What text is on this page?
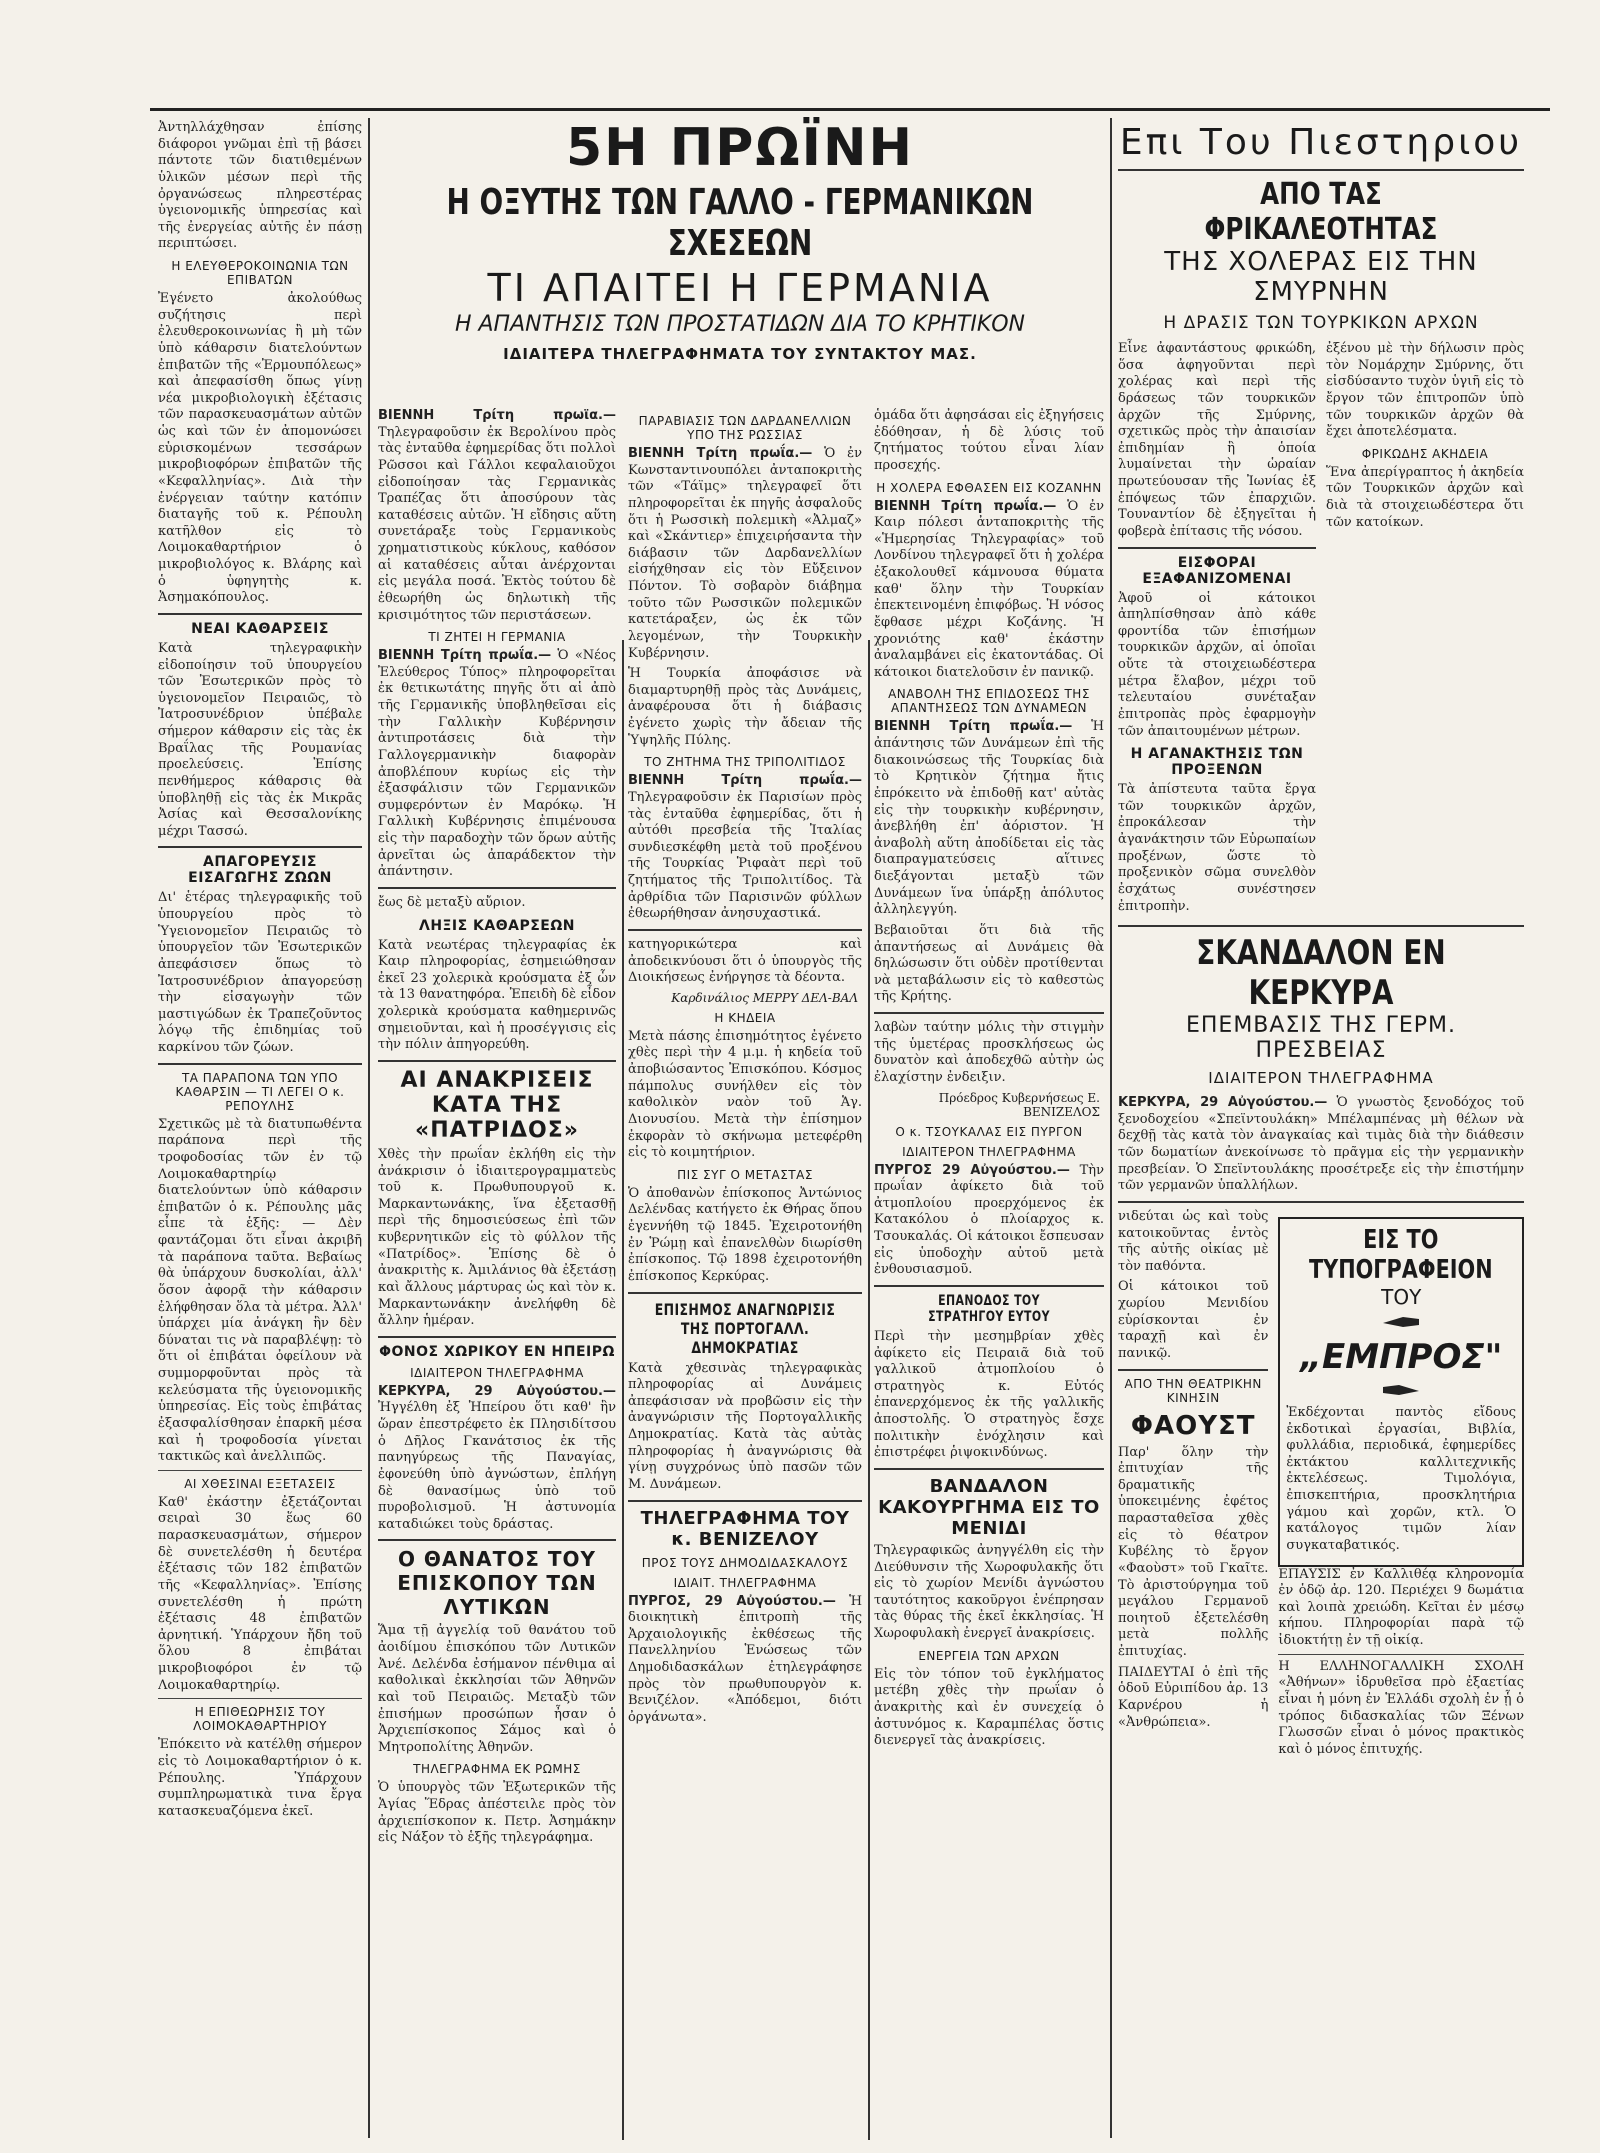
Ἀντηλλάχθησαν ἐπίσης διάφοροι γνῶμαι ἐπὶ τῇ βάσει πάντοτε τῶν διατιθεμένων ὑλικῶν μέσων περὶ τῆς ὀργανώσεως πληρεστέρας ὑγειονομικῆς ὑπηρεσίας καὶ τῆς ἐνεργείας αὐτῆς ἐν πάσῃ περιπτώσει.

Η ΕΛΕΥΘΕΡΟΚΟΙΝΩΝΙΑ ΤΩΝ ΕΠΙΒΑΤΩΝ

Ἐγένετο ἀκολούθως συζήτησις περὶ ἐλευθεροκοινωνίας ἢ μὴ τῶν ὑπὸ κάθαρσιν διατελούντων ἐπιβατῶν τῆς «Ἐρμουπόλεως» καὶ ἀπεφασίσθη ὅπως γίνῃ νέα μικροβιολογικὴ ἐξέτασις τῶν παρασκευασμάτων αὐτῶν ὡς καὶ τῶν ἐν ἀπομονώσει εὑρισκομένων τεσσάρων μικροβιοφόρων ἐπιβατῶν τῆς «Κεφαλληνίας». Διὰ τὴν ἐνέργειαν ταύτην κατόπιν διαταγῆς τοῦ κ. Ρέπουλη κατῆλθον εἰς τὸ Λοιμοκαθαρτήριον ὁ μικροβιολόγος κ. Βλάρης καὶ ὁ ὑφηγητὴς κ. Ἀσημακόπουλος.

ΝΕΑΙ ΚΑΘΑΡΣΕΙΣ

Κατὰ τηλεγραφικὴν εἰδοποίησιν τοῦ ὑπουργείου τῶν Ἐσωτερικῶν πρὸς τὸ ὑγειονομεῖον Πειραιῶς, τὸ Ἰατροσυνέδριον ὑπέβαλε σήμερον κάθαρσιν εἰς τὰς ἐκ Βραΐλας τῆς Ρουμανίας προελεύσεις. Ἐπίσης πενθήμερος κάθαρσις θὰ ὑποβληθῇ εἰς τὰς ἐκ Μικρᾶς Ἀσίας καὶ Θεσσαλονίκης μέχρι Τασσώ.

ΑΠΑΓΟΡΕΥΣΙΣ ΕΙΣΑΓΩΓΗΣ ΖΩΩΝ

Δι' ἑτέρας τηλεγραφικῆς τοῦ ὑπουργείου πρὸς τὸ Ὑγειονομεῖον Πειραιῶς τὸ ὑπουργεῖον τῶν Ἐσωτερικῶν ἀπεφάσισεν ὅπως τὸ Ἰατροσυνέδριον ἀπαγορεύσῃ τὴν εἰσαγωγὴν τῶν μαστιγώδων ἐκ Τραπεζοῦντος λόγῳ τῆς ἐπιδημίας τοῦ καρκίνου τῶν ζώων.

ΤΑ ΠΑΡΑΠΟΝΑ ΤΩΝ ΥΠΟ ΚΑΘΑΡΣΙΝ — ΤΙ ΛΕΓΕΙ Ο κ. ΡΕΠΟΥΛΗΣ

Σχετικῶς μὲ τὰ διατυπωθέντα παράπονα περὶ τῆς τροφοδοσίας τῶν ἐν τῷ Λοιμοκαθαρτηρίῳ διατελούντων ὑπὸ κάθαρσιν ἐπιβατῶν ὁ κ. Ρέπουλης μᾶς εἶπε τὰ ἑξῆς: — Δὲν φαντάζομαι ὅτι εἶναι ἀκριβῆ τὰ παράπονα ταῦτα. Βεβαίως θὰ ὑπάρχουν δυσκολίαι, ἀλλ' ὅσον ἀφορᾷ τὴν κάθαρσιν ἐλήφθησαν ὅλα τὰ μέτρα. Ἀλλ' ὑπάρχει μία ἀνάγκη ἣν δὲν δύναται τις νὰ παραβλέψῃ: τὸ ὅτι οἱ ἐπιβάται ὀφείλουν νὰ συμμορφοῦνται πρὸς τὰ κελεύσματα τῆς ὑγειονομικῆς ὑπηρεσίας. Εἰς τοὺς ἐπιβάτας ἐξασφαλίσθησαν ἐπαρκῆ μέσα καὶ ἡ τροφοδοσία γίνεται τακτικῶς καὶ ἀνελλιπῶς.

ΑΙ ΧΘΕΣΙΝΑΙ ΕΞΕΤΑΣΕΙΣ

Καθ' ἐκάστην ἐξετάζονται σειραὶ 30 ἕως 60 παρασκευασμάτων, σήμερον δὲ συνετελέσθη ἡ δευτέρα ἐξέτασις τῶν 182 ἐπιβατῶν τῆς «Κεφαλληνίας». Ἐπίσης συνετελέσθη ἡ πρώτη ἐξέτασις 48 ἐπιβατῶν ἀρνητική. Ὑπάρχουν ἤδη τοῦ ὅλου 8 ἐπιβάται μικροβιοφόροι ἐν τῷ Λοιμοκαθαρτηρίῳ.

Η ΕΠΙΘΕΩΡΗΣΙΣ ΤΟΥ ΛΟΙΜΟΚΑΘΑΡΤΗΡΙΟΥ

Ἐπόκειτο νὰ κατέλθῃ σήμερον εἰς τὸ Λοιμοκαθαρτήριον ὁ κ. Ρέπουλης. Ὑπάρχουν συμπληρωματικὰ τινα ἔργα κατασκευαζόμενα ἐκεῖ.

5Η ΠΡΩΪΝΗ
Η ΟΞΥΤΗΣ ΤΩΝ ΓΑΛΛΟ - ΓΕΡΜΑΝΙΚΩΝ ΣΧΕΣΕΩΝ
ΤΙ ΑΠΑΙΤΕΙ Η ΓΕΡΜΑΝΙΑ
Η ΑΠΑΝΤΗΣΙΣ ΤΩΝ ΠΡΟΣΤΑΤΙΔΩΝ ΔΙΑ ΤΟ ΚΡΗΤΙΚΟΝ
ΙΔΙΑΙΤΕΡΑ ΤΗΛΕΓΡΑΦΗΜΑΤΑ ΤΟΥ ΣΥΝΤΑΚΤΟΥ ΜΑΣ.

ΒΙΕΝΝΗ Τρίτη πρωΐα.— Τηλεγραφοῦσιν ἐκ Βερολίνου πρὸς τὰς ἐνταῦθα ἐφημερίδας ὅτι πολλοὶ Ρῶσσοι καὶ Γάλλοι κεφαλαιοῦχοι εἰδοποίησαν τὰς Γερμανικὰς Τραπέζας ὅτι ἀποσύρουν τὰς καταθέσεις αὐτῶν. Ἡ εἴδησις αὕτη συνετάραξε τοὺς Γερμανικοὺς χρηματιστικοὺς κύκλους, καθόσον αἱ καταθέσεις αὗται ἀνέρχονται εἰς μεγάλα ποσά. Ἐκτὸς τούτου δὲ ἐθεωρήθη ὡς δηλωτικὴ τῆς κρισιμότητος τῶν περιστάσεων.

ΤΙ ΖΗΤΕΙ Η ΓΕΡΜΑΝΙΑ

ΒΙΕΝΝΗ Τρίτη πρωΐα.— Ὁ «Νέος Ἐλεύθερος Τύπος» πληροφορεῖται ἐκ θετικωτάτης πηγῆς ὅτι αἱ ἀπὸ τῆς Γερμανικῆς ὑποβληθεῖσαι εἰς τὴν Γαλλικὴν Κυβέρνησιν ἀντιπροτάσεις διὰ τὴν Γαλλογερμανικὴν διαφορὰν ἀποβλέπουν κυρίως εἰς τὴν ἐξασφάλισιν τῶν Γερμανικῶν συμφερόντων ἐν Μαρόκῳ. Ἡ Γαλλικὴ Κυβέρνησις ἐπιμένουσα εἰς τὴν παραδοχὴν τῶν ὅρων αὐτῆς ἀρνεῖται ὡς ἀπαράδεκτον τὴν ἀπάντησιν.

ἔως δὲ μεταξὺ αὔριον.

ΛΗΞΙΣ ΚΑΘΑΡΣΕΩΝ

Κατὰ νεωτέρας τηλεγραφίας ἐκ Καιρ πληροφορίας, ἐσημειώθησαν ἐκεῖ 23 χολερικὰ κρούσματα ἐξ ὧν τὰ 13 θανατηφόρα. Ἐπειδὴ δὲ εἶδον χολερικὰ κρούσματα καθημερινῶς σημειοῦνται, καὶ ἡ προσέγγισις εἰς τὴν πόλιν ἀπηγορεύθη.

ΑΙ ΑΝΑΚΡΙΣΕΙΣ ΚΑΤΑ ΤΗΣ «ΠΑΤΡΙΔΟΣ»

Χθὲς τὴν πρωΐαν ἐκλήθη εἰς τὴν ἀνάκρισιν ὁ ἰδιαιτερογραμματεὺς τοῦ κ. Πρωθυπουργοῦ κ. Μαρκαντωνάκης, ἵνα ἐξετασθῇ περὶ τῆς δημοσιεύσεως ἐπὶ τῶν κυβερνητικῶν εἰς τὸ φύλλον τῆς «Πατρίδος». Ἐπίσης δὲ ὁ ἀνακριτὴς κ. Ἀμιλάνιος θὰ ἐξετάσῃ καὶ ἄλλους μάρτυρας ὡς καὶ τὸν κ. Μαρκαντωνάκην ἀνελήφθη δὲ ἄλλην ἡμέραν.

ΦΟΝΟΣ ΧΩΡΙΚΟΥ ΕΝ ΗΠΕΙΡΩ
ΙΔΙΑΙΤΕΡΟΝ ΤΗΛΕΓΡΑΦΗΜΑ

ΚΕΡΚΥΡΑ, 29 Αὐγούστου.— Ἠγγέλθη ἐξ Ἠπείρου ὅτι καθ' ἣν ὥραν ἐπεστρέφετο ἐκ Πλησιδίτσου ὁ Δῆλος Γκανάτσιος ἐκ τῆς πανηγύρεως τῆς Παναγίας, ἐφονεύθη ὑπὸ ἀγνώστων, ἐπλήγη δὲ θανασίμως ὑπὸ τοῦ πυροβολισμοῦ. Ἡ ἀστυνομία καταδιώκει τοὺς δράστας.

Ο ΘΑΝΑΤΟΣ ΤΟΥ ΕΠΙΣΚΟΠΟΥ ΤΩΝ ΛΥΤΙΚΩΝ

Ἅμα τῇ ἀγγελίᾳ τοῦ θανάτου τοῦ ἀοιδίμου ἐπισκόπου τῶν Λυτικῶν Ἀνέ. Δελένδα ἐσήμανον πένθιμα αἱ καθολικαὶ ἐκκλησίαι τῶν Ἀθηνῶν καὶ τοῦ Πειραιῶς. Μεταξὺ τῶν ἐπισήμων προσώπων ἦσαν ὁ Ἀρχιεπίσκοπος Σάμος καὶ ὁ Μητροπολίτης Ἀθηνῶν.

ΤΗΛΕΓΡΑΦΗΜΑ ΕΚ ΡΩΜΗΣ

Ὁ ὑπουργὸς τῶν Ἐξωτερικῶν τῆς Ἁγίας Ἕδρας ἀπέστειλε πρὸς τὸν ἀρχιεπίσκοπον κ. Πετρ. Ἀσημάκην εἰς Νάξον τὸ ἑξῆς τηλεγράφημα.

ΠΑΡΑΒΙΑΣΙΣ ΤΩΝ ΔΑΡΔΑΝΕΛΛΙΩΝ ΥΠΟ ΤΗΣ ΡΩΣΣΙΑΣ

ΒΙΕΝΝΗ Τρίτη πρωΐα.— Ὁ ἐν Κωνσταντινουπόλει ἀνταποκριτὴς τῶν «Τάϊμς» τηλεγραφεῖ ὅτι πληροφορεῖται ἐκ πηγῆς ἀσφαλοῦς ὅτι ἡ Ρωσσικὴ πολεμικὴ «Ἀλμαζ» καὶ «Σκάντιερ» ἐπιχειρήσαντα τὴν διάβασιν τῶν Δαρδανελλίων εἰσήχθησαν εἰς τὸν Εὔξεινον Πόντον. Τὸ σοβαρὸν διάβημα τοῦτο τῶν Ρωσσικῶν πολεμικῶν κατετάραξεν, ὡς ἐκ τῶν λεγομένων, τὴν Τουρκικὴν Κυβέρνησιν.

Ἡ Τουρκία ἀποφάσισε νὰ διαμαρτυρηθῇ πρὸς τὰς Δυνάμεις, ἀναφέρουσα ὅτι ἡ διάβασις ἐγένετο χωρὶς τὴν ἄδειαν τῆς Ὑψηλῆς Πύλης.

ΤΟ ΖΗΤΗΜΑ ΤΗΣ ΤΡΙΠΟΛΙΤΙΔΟΣ

ΒΙΕΝΝΗ Τρίτη πρωΐα.— Τηλεγραφοῦσιν ἐκ Παρισίων πρὸς τὰς ἐνταῦθα ἐφημερίδας, ὅτι ἡ αὐτόθι πρεσβεία τῆς Ἰταλίας συνδιεσκέφθη μετὰ τοῦ προξένου τῆς Τουρκίας Ῥιφαὰτ περὶ τοῦ ζητήματος τῆς Τριπολιτίδος. Τὰ ἀρθρίδια τῶν Παρισινῶν φύλλων ἐθεωρήθησαν ἀνησυχαστικά.

κατηγορικώτερα καὶ ἀποδεικνύουσι ὅτι ὁ ὑπουργὸς τῆς Διοικήσεως ἐνήργησε τὰ δέοντα.

Καρδινάλιος ΜΕΡΡΥ ΔΕΛ-ΒΑΛ
Η ΚΗΔΕΙΑ

Μετὰ πάσης ἐπισημότητος ἐγένετο χθὲς περὶ τὴν 4 μ.μ. ἡ κηδεία τοῦ ἀποβιώσαντος Ἐπισκόπου. Κόσμος πάμπολυς συνήλθεν εἰς τὸν καθολικὸν ναὸν τοῦ Ἁγ. Διονυσίου. Μετὰ τὴν ἐπίσημον ἐκφορὰν τὸ σκήνωμα μετεφέρθη εἰς τὸ κοιμητήριον.

ΠΙΣ ΣΥΓ Ο ΜΕΤΑΣΤΑΣ

Ὁ ἀποθανὼν ἐπίσκοπος Ἀντώνιος Δελένδας κατήγετο ἐκ Θήρας ὅπου ἐγεννήθη τῷ 1845. Ἐχειροτονήθη ἐν Ῥώμῃ καὶ ἐπανελθὼν διωρίσθη ἐπίσκοπος. Τῷ 1898 ἐχειροτονήθη ἐπίσκοπος Κερκύρας.

ΕΠΙΣΗΜΟΣ ΑΝΑΓΝΩΡΙΣΙΣ ΤΗΣ ΠΟΡΤΟΓΑΛΛ. ΔΗΜΟΚΡΑΤΙΑΣ

Κατὰ χθεσινὰς τηλεγραφικὰς πληροφορίας αἱ Δυνάμεις ἀπεφάσισαν νὰ προβῶσιν εἰς τὴν ἀναγνώρισιν τῆς Πορτογαλλικῆς Δημοκρατίας. Κατὰ τὰς αὐτὰς πληροφορίας ἡ ἀναγνώρισις θὰ γίνῃ συγχρόνως ὑπὸ πασῶν τῶν Μ. Δυνάμεων.

ΤΗΛΕΓΡΑΦΗΜΑ ΤΟΥ κ. ΒΕΝΙΖΕΛΟΥ
ΠΡΟΣ ΤΟΥΣ ΔΗΜΟΔΙΔΑΣΚΑΛΟΥΣ
ΙΔΙΑΙΤ. ΤΗΛΕΓΡΑΦΗΜΑ

ΠΥΡΓΟΣ, 29 Αὐγούστου.— Ἡ διοικητικὴ ἐπιτροπὴ τῆς Ἀρχαιολογικῆς ἐκθέσεως τῆς Πανελληνίου Ἑνώσεως τῶν Δημοδιδασκάλων ἐτηλεγράφησε πρὸς τὸν πρωθυπουργὸν κ. Βενιζέλον. «Ἀπόδεμοι, διότι ὀργάνωτα».

ὁμάδα ὅτι ἀφησάσαι εἰς ἐξηγήσεις ἐδόθησαν, ἡ δὲ λύσις τοῦ ζητήματος τούτου εἶναι λίαν προσεχής.

Η ΧΟΛΕΡΑ ΕΦΘΑΣΕΝ ΕΙΣ ΚΟΖΑΝΗΝ

ΒΙΕΝΝΗ Τρίτη πρωΐα.— Ὁ ἐν Καιρ πόλεσι ἀνταποκριτὴς τῆς «Ἡμερησίας Τηλεγραφίας» τοῦ Λονδίνου τηλεγραφεῖ ὅτι ἡ χολέρα ἐξακολουθεῖ κάμνουσα θύματα καθ' ὅλην τὴν Τουρκίαν ἐπεκτεινομένη ἐπιφόβως. Ἡ νόσος ἔφθασε μέχρι Κοζάνης. Ἡ χρονιότης καθ' ἑκάστην ἀναλαμβάνει εἰς ἑκατοντάδας. Οἱ κάτοικοι διατελοῦσιν ἐν πανικῷ.

ΑΝΑΒΟΛΗ ΤΗΣ ΕΠΙΔΟΣΕΩΣ ΤΗΣ ΑΠΑΝΤΗΣΕΩΣ ΤΩΝ ΔΥΝΑΜΕΩΝ

ΒΙΕΝΝΗ Τρίτη πρωΐα.— Ἡ ἀπάντησις τῶν Δυνάμεων ἐπὶ τῆς διακοινώσεως τῆς Τουρκίας διὰ τὸ Κρητικὸν ζήτημα ἤτις ἐπρόκειτο νὰ ἐπιδοθῇ κατ' αὐτὰς εἰς τὴν τουρκικὴν κυβέρνησιν, ἀνεβλήθη ἐπ' ἀόριστον. Ἡ ἀναβολὴ αὕτη ἀποδίδεται εἰς τὰς διαπραγματεύσεις αἵτινες διεξάγονται μεταξὺ τῶν Δυνάμεων ἵνα ὑπάρξῃ ἀπόλυτος ἀλληλεγγύη.

Βεβαιοῦται ὅτι διὰ τῆς ἀπαντήσεως αἱ Δυνάμεις θὰ δηλώσωσιν ὅτι οὐδὲν προτίθενται νὰ μεταβάλωσιν εἰς τὸ καθεστὼς τῆς Κρήτης.

λαβὼν ταύτην μόλις τὴν στιγμὴν τῆς ὑμετέρας προσκλήσεως ὡς δυνατὸν καὶ ἀποδεχθῶ αὐτὴν ὡς ἐλαχίστην ἐνδειξιν.

Πρόεδρος Κυβερνήσεως Ε. ΒΕΝΙΖΕΛΟΣ
Ο κ. ΤΣΟΥΚΑΛΑΣ ΕΙΣ ΠΥΡΓΟΝ
ΙΔΙΑΙΤΕΡΟΝ ΤΗΛΕΓΡΑΦΗΜΑ

ΠΥΡΓΟΣ 29 Αὐγούστου.— Τὴν πρωΐαν ἀφίκετο διὰ τοῦ ἀτμοπλοίου προερχόμενος ἐκ Κατακόλου ὁ πλοίαρχος κ. Τσουκαλάς. Οἱ κάτοικοι ἔσπευσαν εἰς ὑποδοχὴν αὐτοῦ μετὰ ἐνθουσιασμοῦ.

ΕΠΑΝΟΔΟΣ ΤΟΥ ΣΤΡΑΤΗΓΟΥ ΕΥΤΟΥ

Περὶ τὴν μεσημβρίαν χθὲς ἀφίκετο εἰς Πειραιᾶ διὰ τοῦ γαλλικοῦ ἀτμοπλοίου ὁ στρατηγὸς κ. Εὐτός ἐπανερχόμενος ἐκ τῆς γαλλικῆς ἀποστολῆς. Ὁ στρατηγὸς ἔσχε πολιτικὴν ἐνόχλησιν καὶ ἐπιστρέφει ῥιψοκινδύνως.

ΒΑΝΔΑΛΟΝ ΚΑΚΟΥΡΓΗΜΑ ΕΙΣ ΤΟ ΜΕΝΙΔΙ

Τηλεγραφικῶς ἀνηγγέλθη εἰς τὴν Διεύθυνσιν τῆς Χωροφυλακῆς ὅτι εἰς τὸ χωρίον Μενίδι ἀγνώστου ταυτότητος κακοῦργοι ἐνέπρησαν τὰς θύρας τῆς ἐκεῖ ἐκκλησίας. Ἡ Χωροφυλακὴ ἐνεργεῖ ἀνακρίσεις.

ΕΝΕΡΓΕΙΑ ΤΩΝ ΑΡΧΩΝ

Εἰς τὸν τόπον τοῦ ἐγκλήματος μετέβη χθὲς τὴν πρωΐαν ὁ ἀνακριτὴς καὶ ἐν συνεχείᾳ ὁ ἀστυνόμος κ. Καραμπέλας ὅστις διενεργεῖ τὰς ἀνακρίσεις.

Επι Του Πιεστηριου
ΑΠΟ ΤΑΣ ΦΡΙΚΑΛΕΟΤΗΤΑΣ
ΤΗΣ ΧΟΛΕΡΑΣ ΕΙΣ ΤΗΝ ΣΜΥΡΝΗΝ
Η ΔΡΑΣΙΣ ΤΩΝ ΤΟΥΡΚΙΚΩΝ ΑΡΧΩΝ

Εἶνε ἀφαντάστους φρικώδη, ὅσα ἀφηγοῦνται περὶ χολέρας καὶ περὶ τῆς δράσεως τῶν τουρκικῶν ἀρχῶν τῆς Σμύρνης, σχετικῶς πρὸς τὴν ἀπαισίαν ἐπιδημίαν ἣ ὁποία λυμαίνεται τὴν ὡραίαν πρωτεύουσαν τῆς Ἰωνίας ἐξ ἐπόψεως τῶν ἐπαρχιῶν. Τουναντίον δὲ ἐξηγεῖται ἡ φοβερὰ ἐπίτασις τῆς νόσου.

ΕΙΣΦΟΡΑΙ ΕΞΑΦΑΝΙΖΟΜΕΝΑΙ

Ἀφοῦ οἱ κάτοικοι ἀπηλπίσθησαν ἀπὸ κάθε φροντίδα τῶν ἐπισήμων τουρκικῶν ἀρχῶν, αἱ ὁποῖαι οὔτε τὰ στοιχειωδέστερα μέτρα ἔλαβον, μέχρι τοῦ τελευταίου συνέταξαν ἐπιτροπὰς πρὸς ἐφαρμογὴν τῶν ἀπαιτουμένων μέτρων.

Η ΑΓΑΝΑΚΤΗΣΙΣ ΤΩΝ ΠΡΟΞΕΝΩΝ

Τὰ ἀπίστευτα ταῦτα ἔργα τῶν τουρκικῶν ἀρχῶν, ἐπροκάλεσαν τὴν ἀγανάκτησιν τῶν Εὐρωπαίων προξένων, ὥστε τὸ προξενικὸν σῶμα συνελθὸν ἐσχάτως συνέστησεν ἐπιτροπὴν.

ἐξένου μὲ τὴν δήλωσιν πρὸς τὸν Νομάρχην Σμύρνης, ὅτι εἰσδύσαντο τυχὸν ὑγιῆ εἰς τὸ ἔργον τῶν ἐπιτροπῶν ὑπὸ τῶν τουρκικῶν ἀρχῶν θὰ ἔχει ἀποτελέσματα.

ΦΡΙΚΩΔΗΣ ΑΚΗΔΕΙΑ

Ἕνα ἀπερίγραπτος ἡ ἀκηδεία τῶν Τουρκικῶν ἀρχῶν καὶ διὰ τὰ στοιχειωδέστερα ὅτι τῶν κατοίκων.

ΣΚΑΝΔΑΛΟΝ ΕΝ ΚΕΡΚΥΡΑ
ΕΠΕΜΒΑΣΙΣ ΤΗΣ ΓΕΡΜ. ΠΡΕΣΒΕΙΑΣ
ΙΔΙΑΙΤΕΡΟΝ ΤΗΛΕΓΡΑΦΗΜΑ

ΚΕΡΚΥΡΑ, 29 Αὐγούστου.— Ὁ γνωστὸς ξενοδόχος τοῦ ξενοδοχείου «Σπεϊντουλάκη» Μπέλαμπένας μὴ θέλων νὰ δεχθῇ τὰς κατὰ τὸν ἀναγκαίας καὶ τιμὰς διὰ τὴν διάθεσιν τῶν δωματίων ἀνεκοίνωσε τὸ πρᾶγμα εἰς τὴν γερμανικὴν πρεσβείαν. Ὁ Σπεϊντουλάκης προσέτρεξε εἰς τὴν ἐπιστήμην τῶν γερμανῶν ὑπαλλήλων.

νιδεύται ὡς καὶ τοὺς κατοικοῦντας ἐντὸς τῆς αὐτῆς οἰκίας μὲ τὸν παθόντα.

Οἱ κάτοικοι τοῦ χωρίου Μενιδίου εὑρίσκονται ἐν ταραχῇ καὶ ἐν πανικῷ.

ΑΠΟ ΤΗΝ ΘΕΑΤΡΙΚΗΝ ΚΙΝΗΣΙΝ
ΦΑΟΥΣΤ

Παρ' ὅλην τὴν ἐπιτυχίαν τῆς δραματικῆς ὑποκειμένης ἐφέτος παρασταθεῖσα χθὲς εἰς τὸ θέατρον Κυβέλης τὸ ἔργον «Φαοὺστ» τοῦ Γκαῖτε. Τὸ ἀριστούργημα τοῦ μεγάλου Γερμανοῦ ποιητοῦ ἐξετελέσθη μετὰ πολλῆς ἐπιτυχίας.

ΠΑΙΔΕΥΤΑΙ ὁ ἐπὶ τῆς ὁδοῦ Εὐριπίδου ἀρ. 13 Καρνέρου ἡ «Ἀνθρώπεια».

ΕΙΣ ΤΟ ΤΥΠΟΓΡΑΦΕΙΟΝ
ΤΟΥ
„ΕΜΠΡΟΣ"

Ἐκδέχονται παντὸς εἴδους ἐκδοτικαὶ ἐργασίαι, Βιβλία, φυλλάδια, περιοδικά, ἐφημερίδες ἐκτάκτου καλλιτεχνικῆς ἐκτελέσεως. Τιμολόγια, ἐπισκεπτήρια, προσκλητήρια γάμου καὶ χορῶν, κτλ. Ὁ κατάλογος τιμῶν λίαν συγκαταβατικός.

ΕΠΑΥΣΙΣ ἐν Καλλιθέᾳ κληρονομία ἐν ὁδῷ ἀρ. 120. Περιέχει 9 δωμάτια καὶ λοιπὰ χρειώδη. Κεῖται ἐν μέσῳ κήπου. Πληροφορίαι παρὰ τῷ ἰδιοκτήτῃ ἐν τῇ οἰκίᾳ.

Η ΕΛΛΗΝΟΓΑΛΛΙΚΗ ΣΧΟΛΗ «Ἀθήνων» ἱδρυθεῖσα πρὸ ἐξαετίας εἶναι ἡ μόνη ἐν Ἑλλάδι σχολὴ ἐν ᾗ ὁ τρόπος διδασκαλίας τῶν Ξένων Γλωσσῶν εἶναι ὁ μόνος πρακτικὸς καὶ ὁ μόνος ἐπιτυχής.
